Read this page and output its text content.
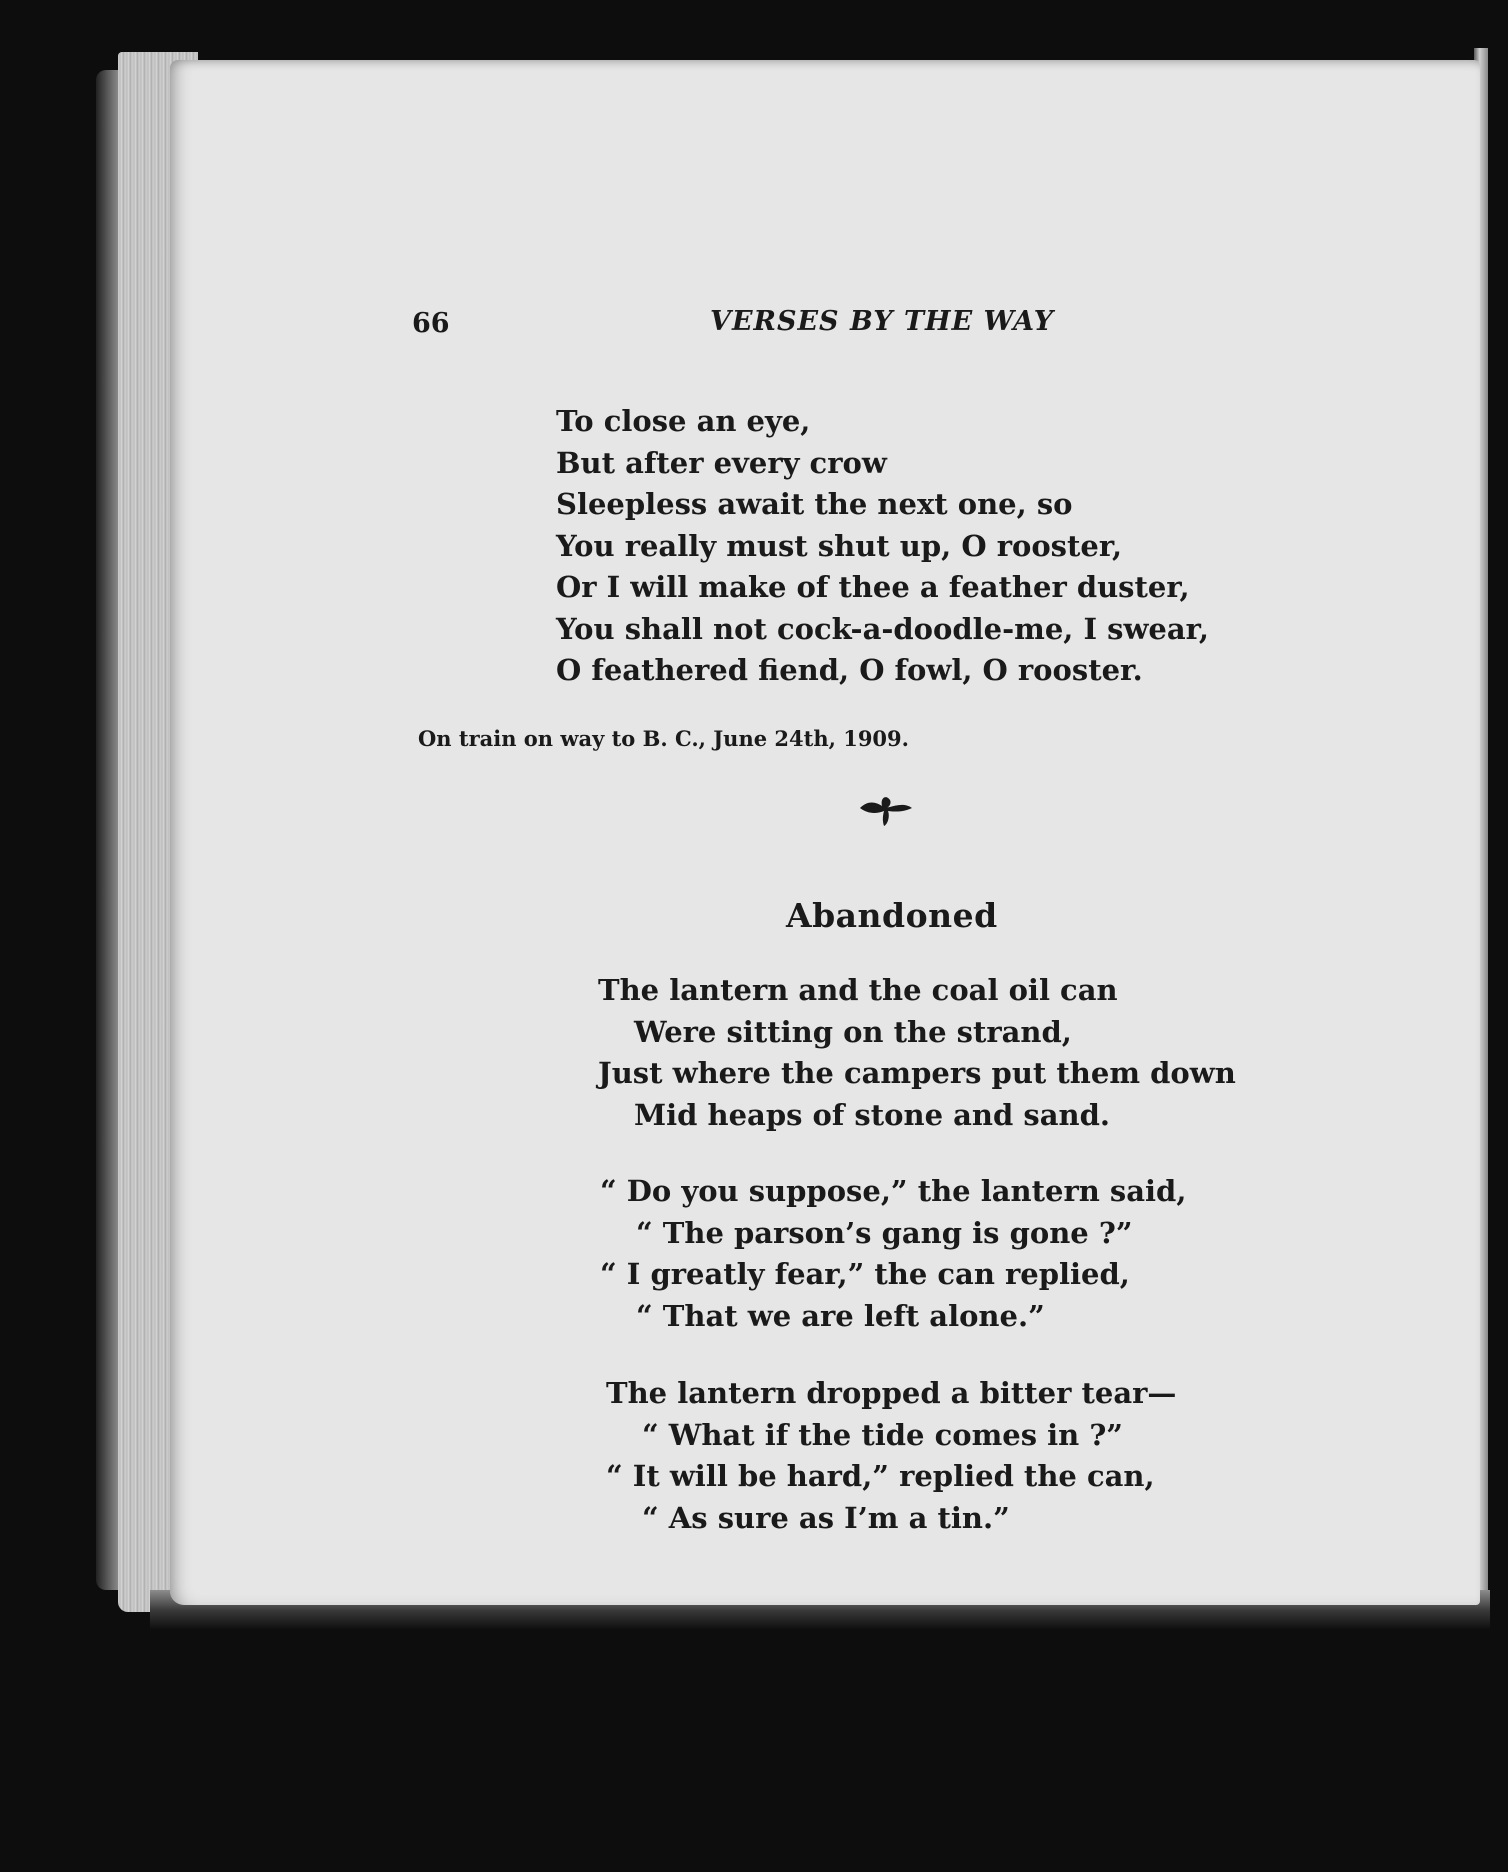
66	VERSES BY THE WAY
To close an eye,
But after every crow
Sleepless await the next one, so
You really must shut up, O rooster,
Or I will make of thee a feather duster,
You shall not cock-a-doodle-me, I swear,
O feathered fiend, O fowl, O rooster.
On train on way to B. C., June 24th, 1909.
Abandoned
The lantern and the coal oil can
Were sitting on the strand,
Just where the campers put them down
Mid heaps of stone and sand.
“ Do you suppose,” the lantern said,
“ The parson’s gang is gone ?”
“ I greatly fear,” the can replied,
“ That we are left alone.”
The lantern dropped a bitter tear—
“ What if the tide comes in ?”
“ It will be hard,” replied the can,
“ As sure as I’m a tin.”
